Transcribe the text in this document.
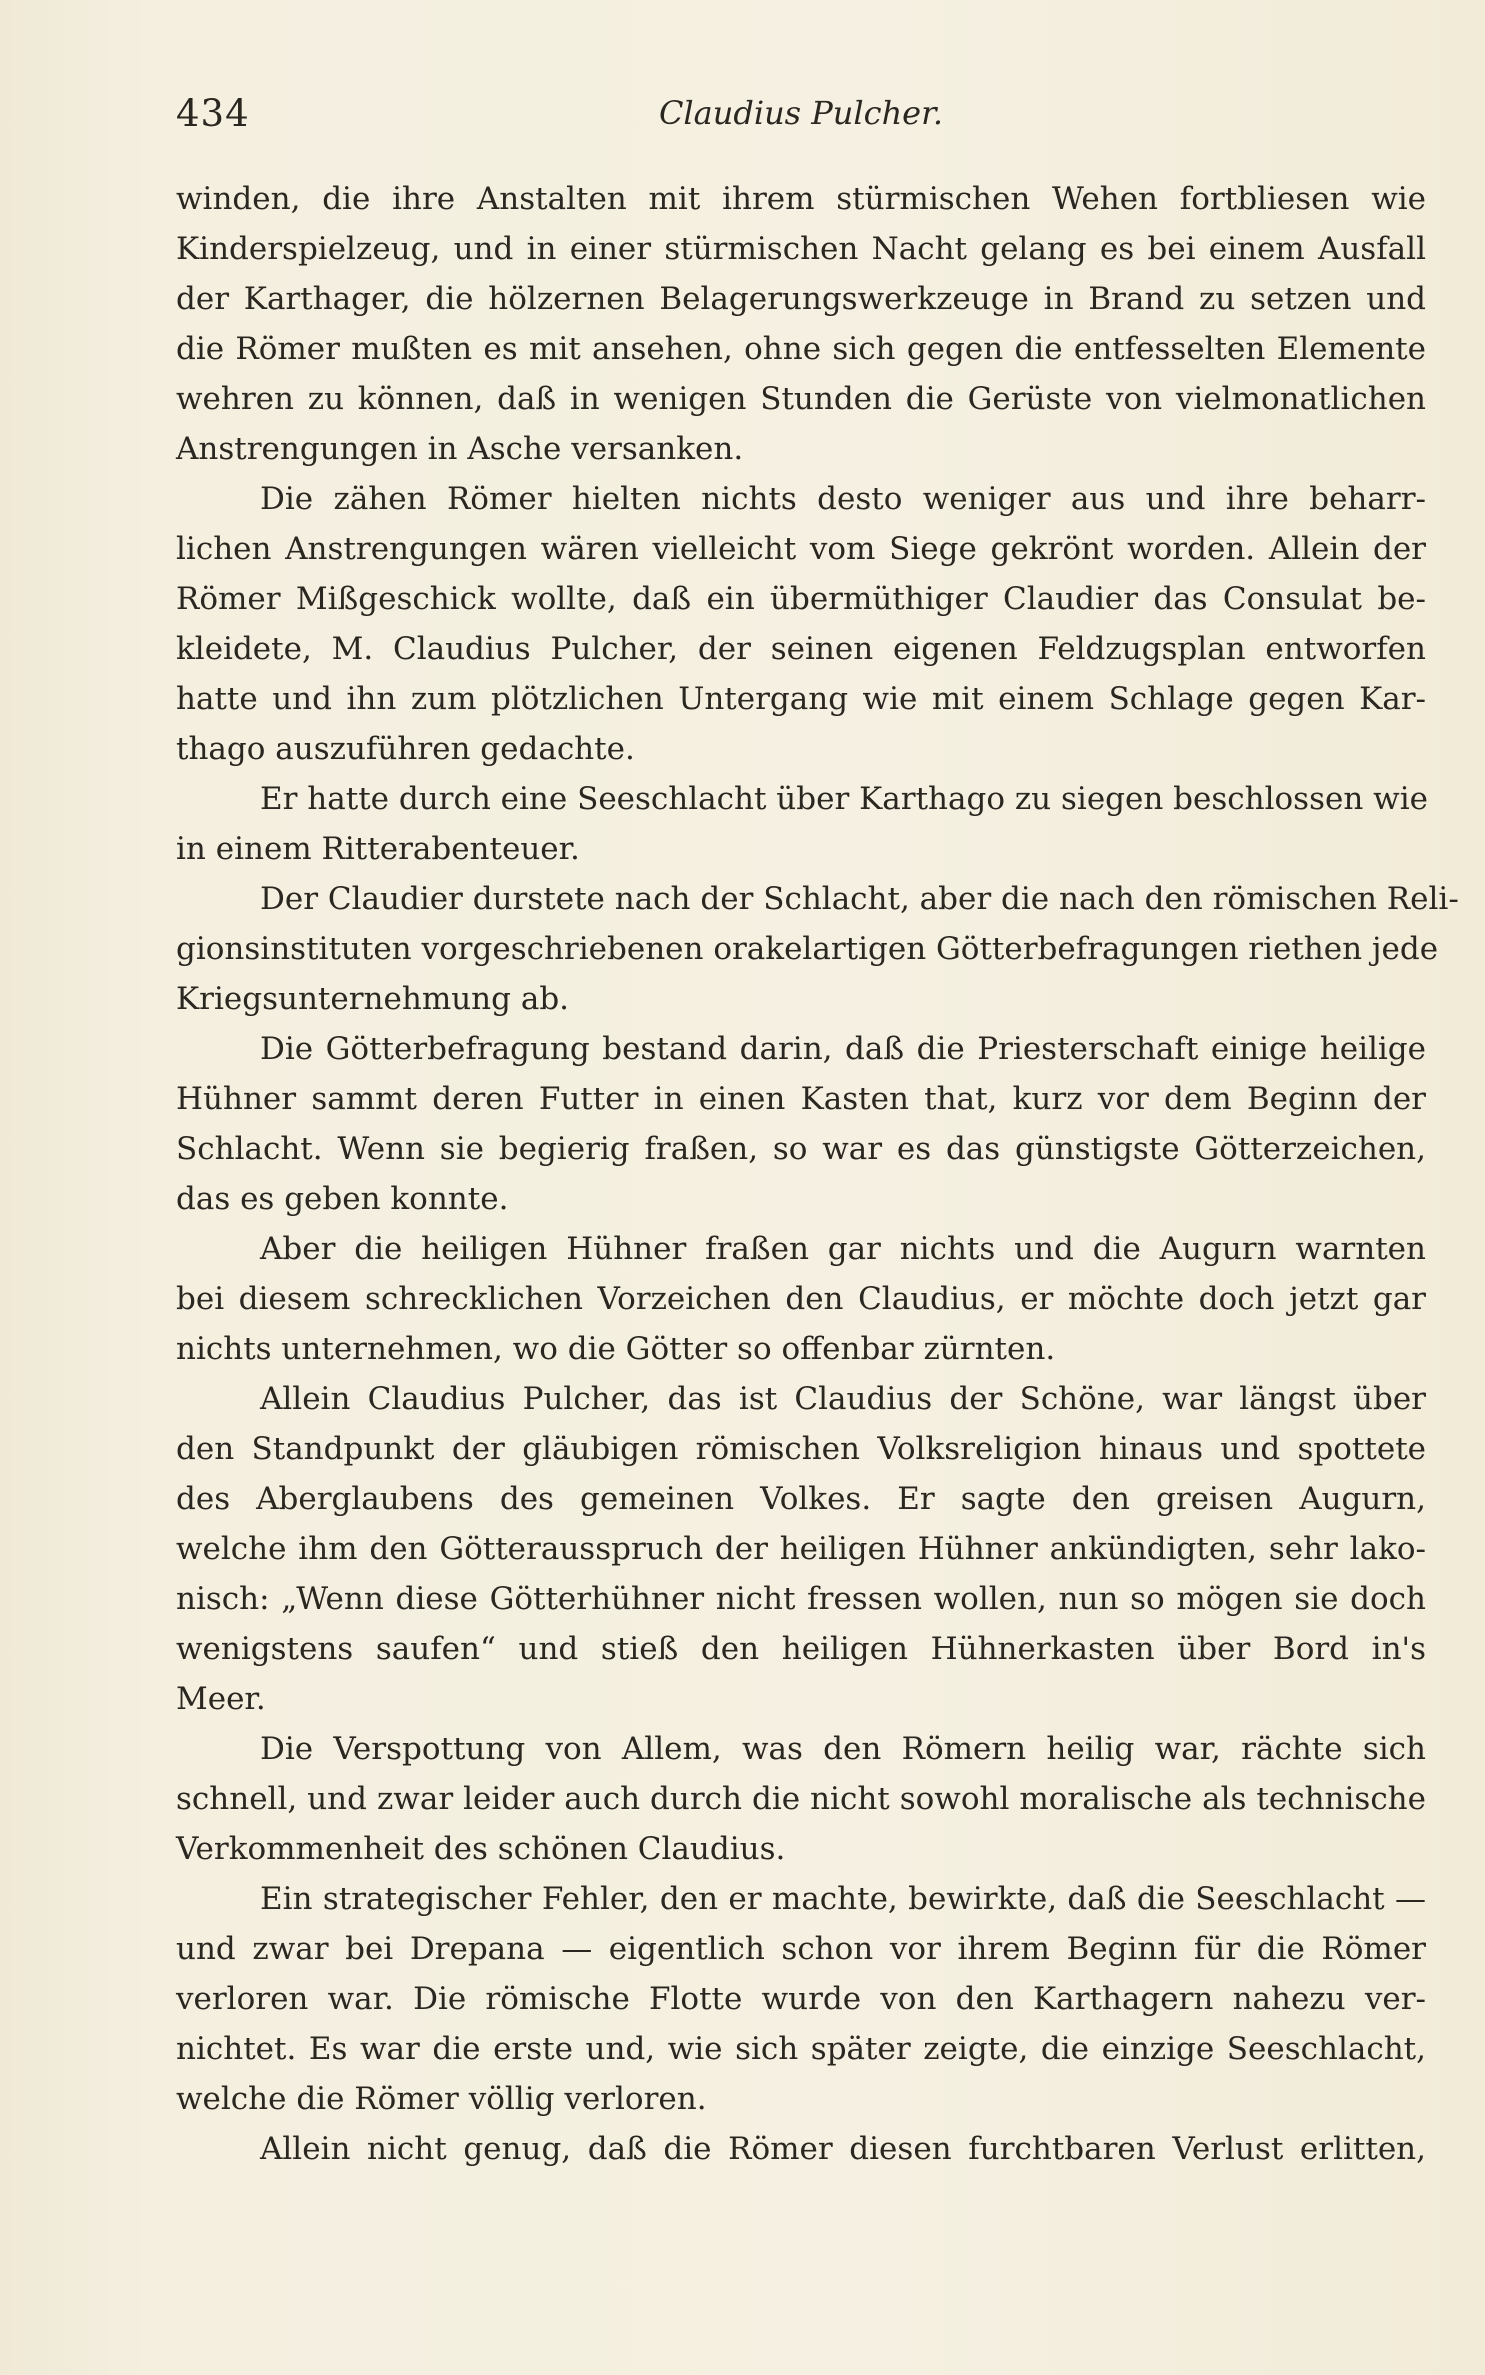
434	Claudius Pulcher.
winden, die ihre Anstalten mit ihrem stürmischen Wehen fortbliesen wie
Kinderspielzeug, und in einer stürmischen Nacht gelang es bei einem Ausfall
der Karthager, die hölzernen Belagerungswerkzeuge in Brand zu setzen und
die Römer mußten es mit ansehen, ohne sich gegen die entfesselten Elemente
wehren zu können, daß in wenigen Stunden die Gerüste von vielmonatlichen
Anstrengungen in Asche versanken.
Die zähen Römer hielten nichts desto weniger aus und ihre beharr-
lichen Anstrengungen wären vielleicht vom Siege gekrönt worden. Allein der
Römer Mißgeschick wollte, daß ein übermüthiger Claudier das Consulat be-
kleidete, M. Claudius Pulcher, der seinen eigenen Feldzugsplan entworfen
hatte und ihn zum plötzlichen Untergang wie mit einem Schlage gegen Kar-
thago auszuführen gedachte.
Er hatte durch eine Seeschlacht über Karthago zu siegen beschlossen wie
in einem Ritterabenteuer.
Der Claudier durstete nach der Schlacht, aber die nach den römischen Reli-
gionsinstituten vorgeschriebenen orakelartigen Götterbefragungen riethen jede
Kriegsunternehmung ab.
Die Götterbefragung bestand darin, daß die Priesterschaft einige heilige
Hühner sammt deren Futter in einen Kasten that, kurz vor dem Beginn der
Schlacht. Wenn sie begierig fraßen, so war es das günstigste Götterzeichen,
das es geben konnte.
Aber die heiligen Hühner fraßen gar nichts und die Augurn warnten
bei diesem schrecklichen Vorzeichen den Claudius, er möchte doch jetzt gar
nichts unternehmen, wo die Götter so offenbar zürnten.
Allein Claudius Pulcher, das ist Claudius der Schöne, war längst über
den Standpunkt der gläubigen römischen Volksreligion hinaus und spottete
des Aberglaubens des gemeinen Volkes. Er sagte den greisen Augurn,
welche ihm den Götterausspruch der heiligen Hühner ankündigten, sehr lako-
nisch: „Wenn diese Götterhühner nicht fressen wollen, nun so mögen sie doch
wenigstens saufen“ und stieß den heiligen Hühnerkasten über Bord in's
Meer.
Die Verspottung von Allem, was den Römern heilig war, rächte sich
schnell, und zwar leider auch durch die nicht sowohl moralische als technische
Verkommenheit des schönen Claudius.
Ein strategischer Fehler, den er machte, bewirkte, daß die Seeschlacht —
und zwar bei Drepana — eigentlich schon vor ihrem Beginn für die Römer
verloren war. Die römische Flotte wurde von den Karthagern nahezu ver-
nichtet. Es war die erste und, wie sich später zeigte, die einzige Seeschlacht,
welche die Römer völlig verloren.
Allein nicht genug, daß die Römer diesen furchtbaren Verlust erlitten,
